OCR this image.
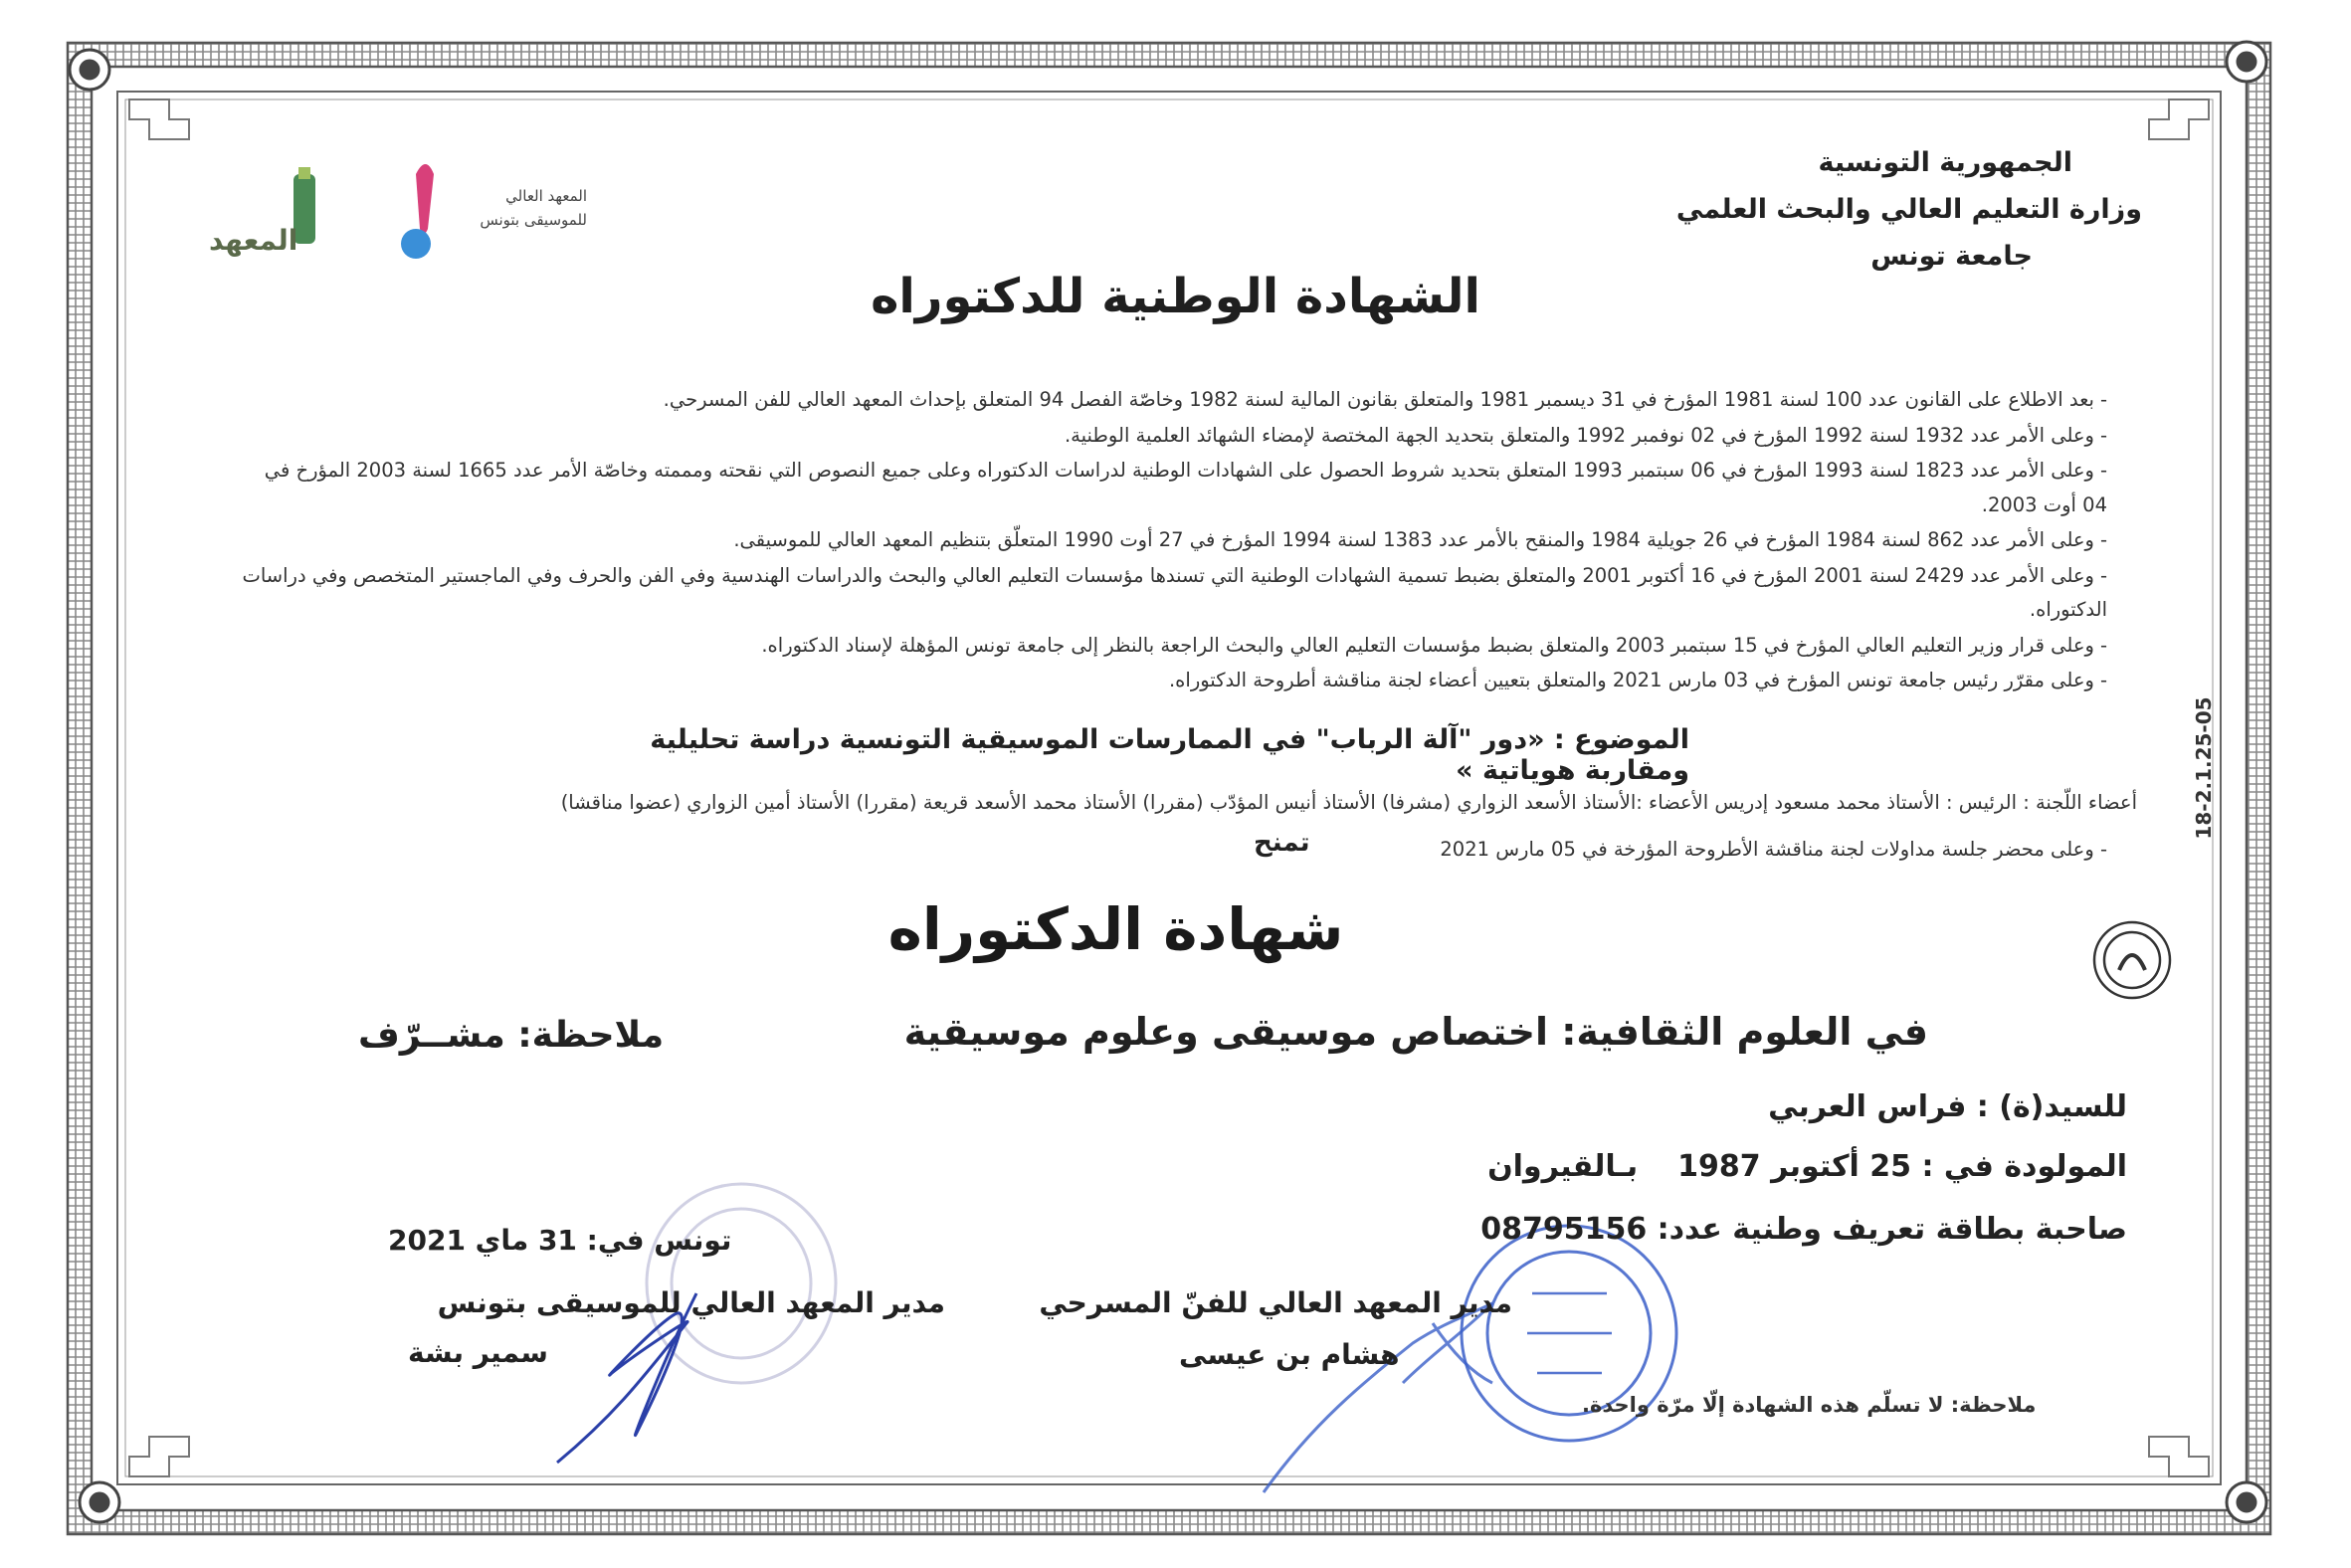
الجمهورية التونسية
وزارة التعليم العالي والبحث العلمي
جامعة تونس
المعهد العالي
للموسيقى بتونس
المعهد
الشهادة الوطنية للدكتوراه

-بعد الاطلاع على القانون عدد 100 لسنة 1981 المؤرخ في 31 ديسمبر 1981 والمتعلق بقانون المالية لسنة 1982 وخاصّة الفصل 94 المتعلق بإحداث المعهد العالي للفن المسرحي.

-وعلى الأمر عدد 1932 لسنة 1992 المؤرخ في 02 نوفمبر 1992 والمتعلق بتحديد الجهة المختصة لإمضاء الشهائد العلمية الوطنية.

-وعلى الأمر عدد 1823 لسنة 1993 المؤرخ في 06 سبتمبر 1993 المتعلق بتحديد شروط الحصول على الشهادات الوطنية لدراسات الدكتوراه وعلى جميع النصوص التي نقحته ومممته وخاصّة الأمر عدد 1665 لسنة 2003 المؤرخ في 04 أوت 2003.

-وعلى الأمر عدد 862 لسنة 1984 المؤرخ في 26 جويلية 1984 والمنقح بالأمر عدد 1383 لسنة 1994 المؤرخ في 27 أوت 1990 المتعلّق بتنظيم المعهد العالي للموسيقى.

-وعلى الأمر عدد 2429 لسنة 2001 المؤرخ في 16 أكتوبر 2001 والمتعلق بضبط تسمية الشهادات الوطنية التي تسندها مؤسسات التعليم العالي والبحث والدراسات الهندسية وفي الفن والحرف وفي الماجستير المتخصص وفي دراسات الدكتوراه.

-وعلى قرار وزير التعليم العالي المؤرخ في 15 سبتمبر 2003 والمتعلق بضبط مؤسسات التعليم العالي والبحث الراجعة بالنظر إلى جامعة تونس المؤهلة لإسناد الدكتوراه.

-وعلى مقرّر رئيس جامعة تونس المؤرخ في 03 مارس 2021 والمتعلق بتعيين أعضاء لجنة مناقشة أطروحة الدكتوراه.

الموضوع : «دور "آلة الرباب" في الممارسات الموسيقية التونسية دراسة تحليلية ومقاربة هوياتية »
أعضاء اللّجنة : الرئيس : الأستاذ محمد مسعود إدريس الأعضاء :الأستاذ الأسعد الزواري (مشرفا) الأستاذ أنيس المؤدّب (مقررا) الأستاذ محمد الأسعد قريعة (مقررا) الأستاذ أمين الزواري (عضوا مناقشا)
- وعلى محضر جلسة مداولات لجنة مناقشة الأطروحة المؤرخة في 05 مارس 2021
تمنح
شهادة الدكتوراه
في العلوم الثقافية: اختصاص موسيقى وعلوم موسيقية
ملاحظة: مشــرّف
للسيد(ة) : فراس العربي
المولودة في : 25 أكتوبر 1987بـالقيروان
صاحبة بطاقة تعريف وطنية عدد: 08795156
تونس في: 31 ماي 2021
مدير المعهد العالي للموسيقى بتونس
سمير بشة
مدير المعهد العالي للفنّ المسرحي
هشام بن عيسى
ملاحظة: لا تسلّم هذه الشهادة إلّا مرّة واحدة.
18-2.1.25-05
